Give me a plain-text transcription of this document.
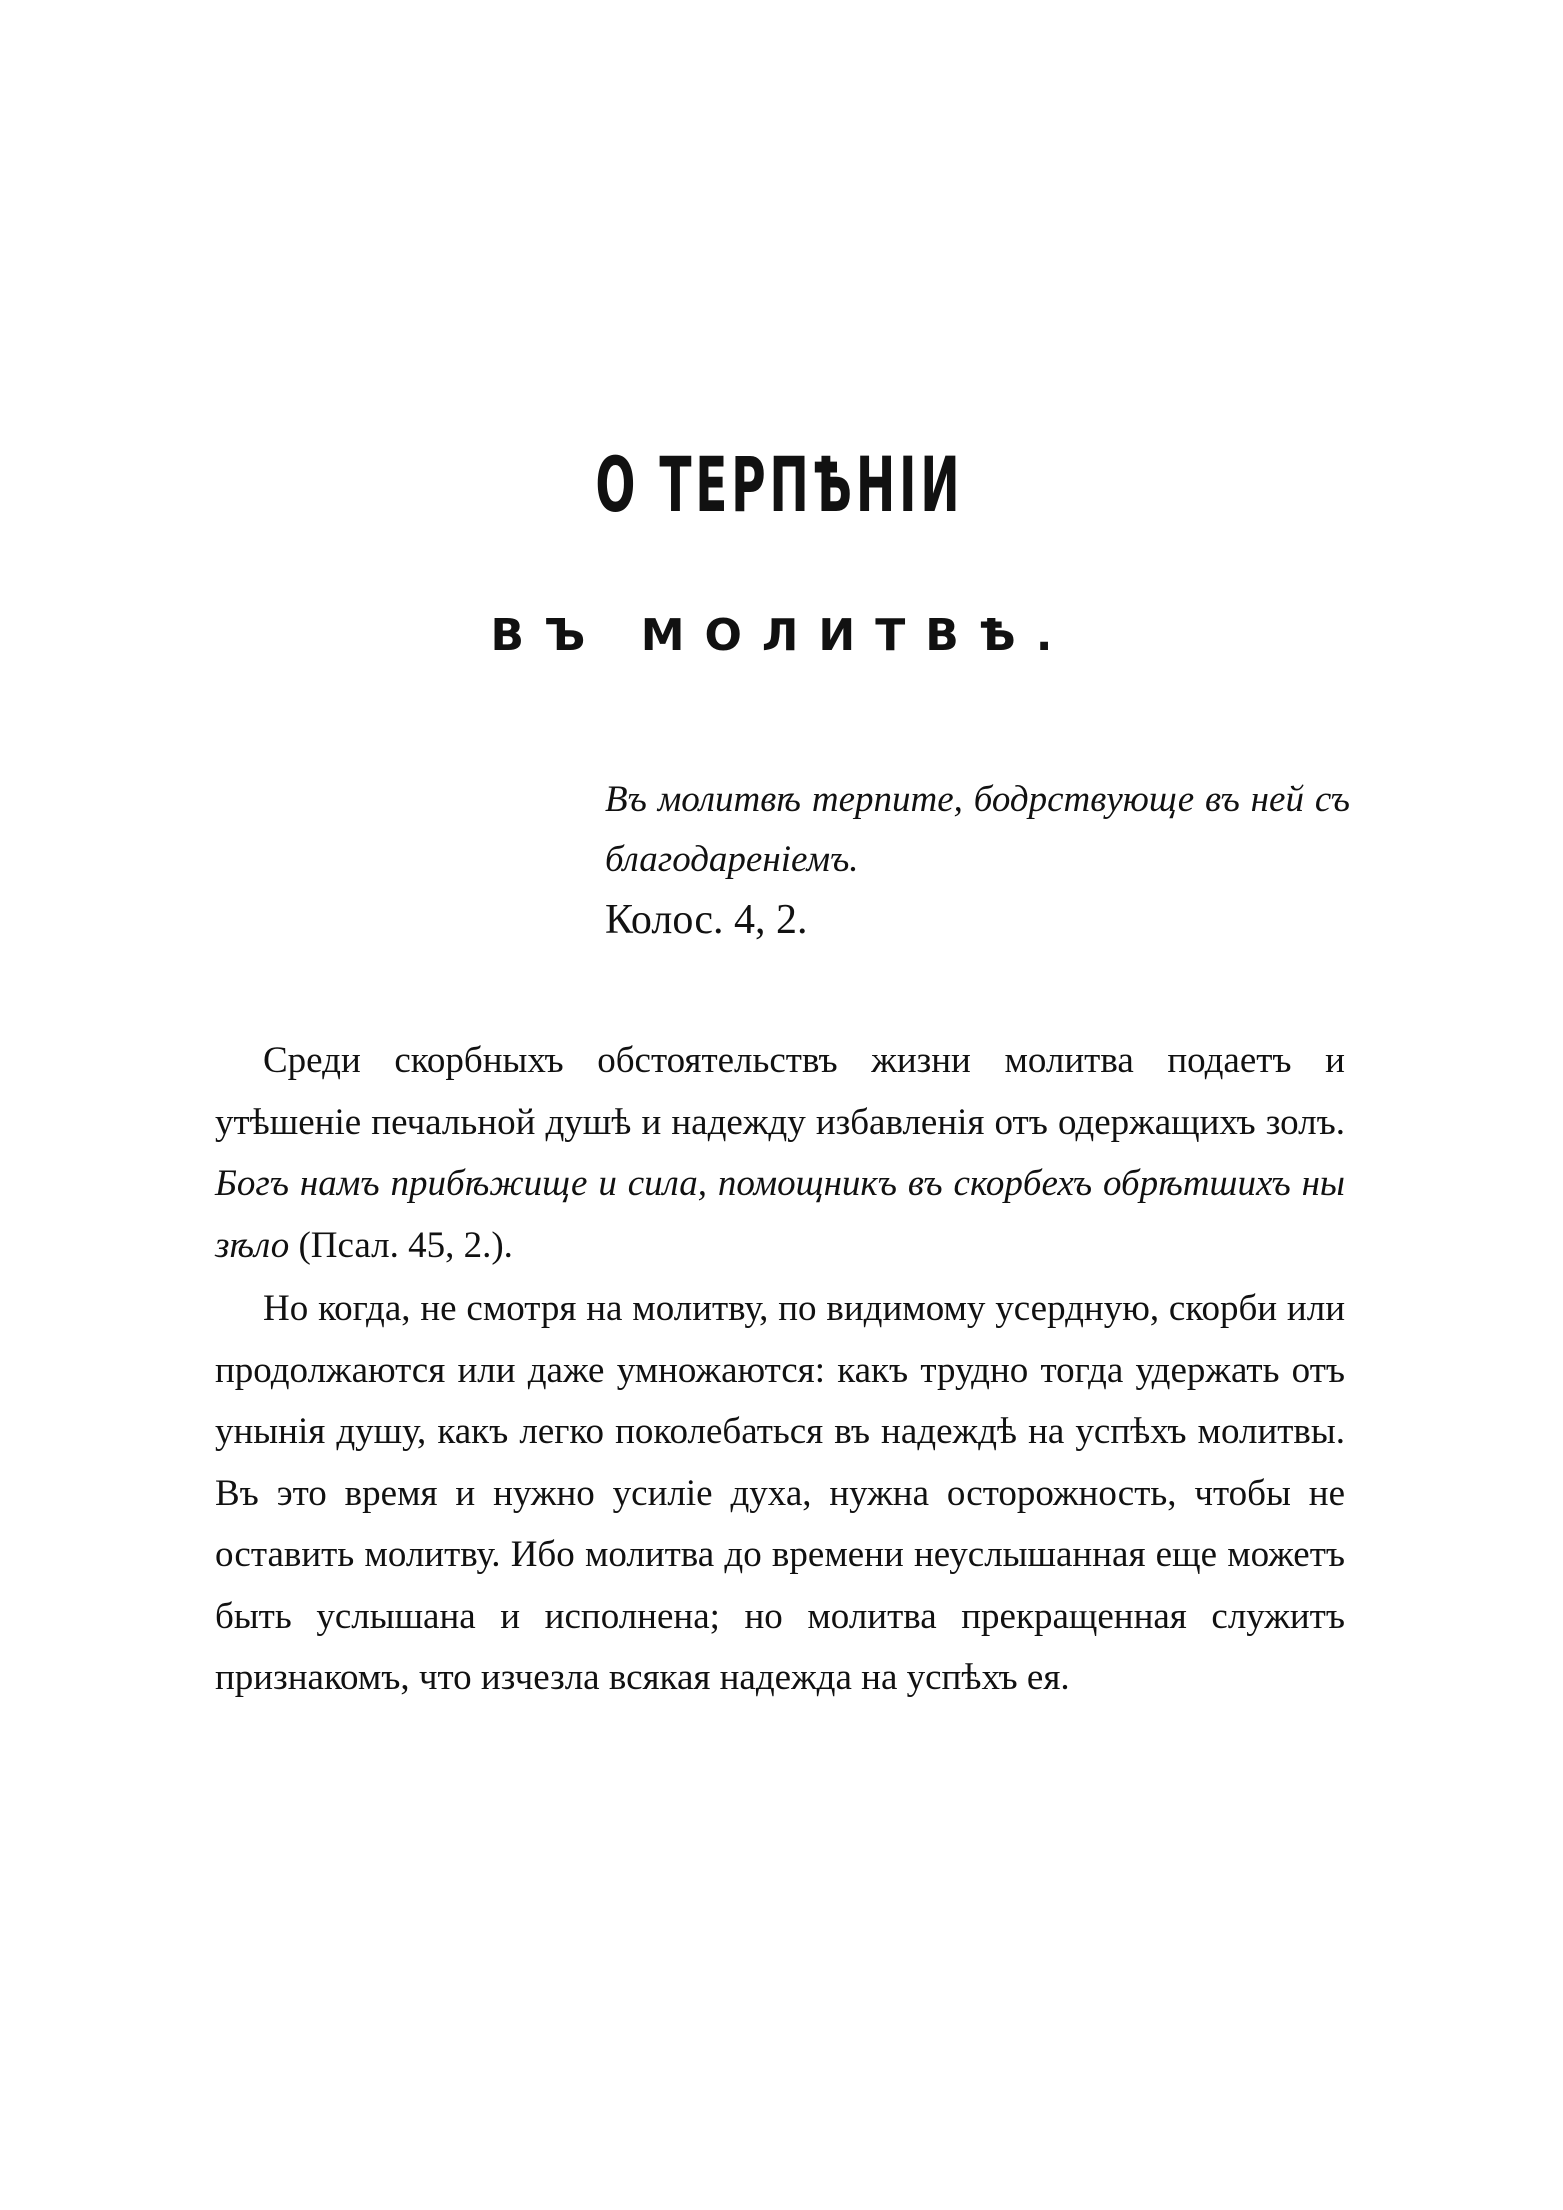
О ТЕРПѢНІИ
ВЪ МОЛИТВѢ.
Въ молитвѣ терпите, бодрствующе въ ней съ благодареніемъ.
Колос. 4, 2.

Среди скорбныхъ обстоятельствъ жизни молитва подаетъ и утѣшеніе печальной душѣ и надежду избавленія отъ одержащихъ золъ. Богъ намъ прибѣжище и сила, помощникъ въ скорбехъ обрѣтшихъ ны зѣло (Псал. 45, 2.).

Но когда, не смотря на молитву, по видимому усердную, скорби или продолжаются или даже умножаются: какъ трудно тогда удержать отъ унынія душу, какъ легко поколебаться въ надеждѣ на успѣхъ молитвы. Въ это время и нужно усиліе духа, нужна осторожность, чтобы не оставить молитву. Ибо молитва до времени неуслышанная еще можетъ быть услышана и исполнена; но молитва прекращенная служитъ признакомъ, что изчезла всякая надежда на успѣхъ ея.
